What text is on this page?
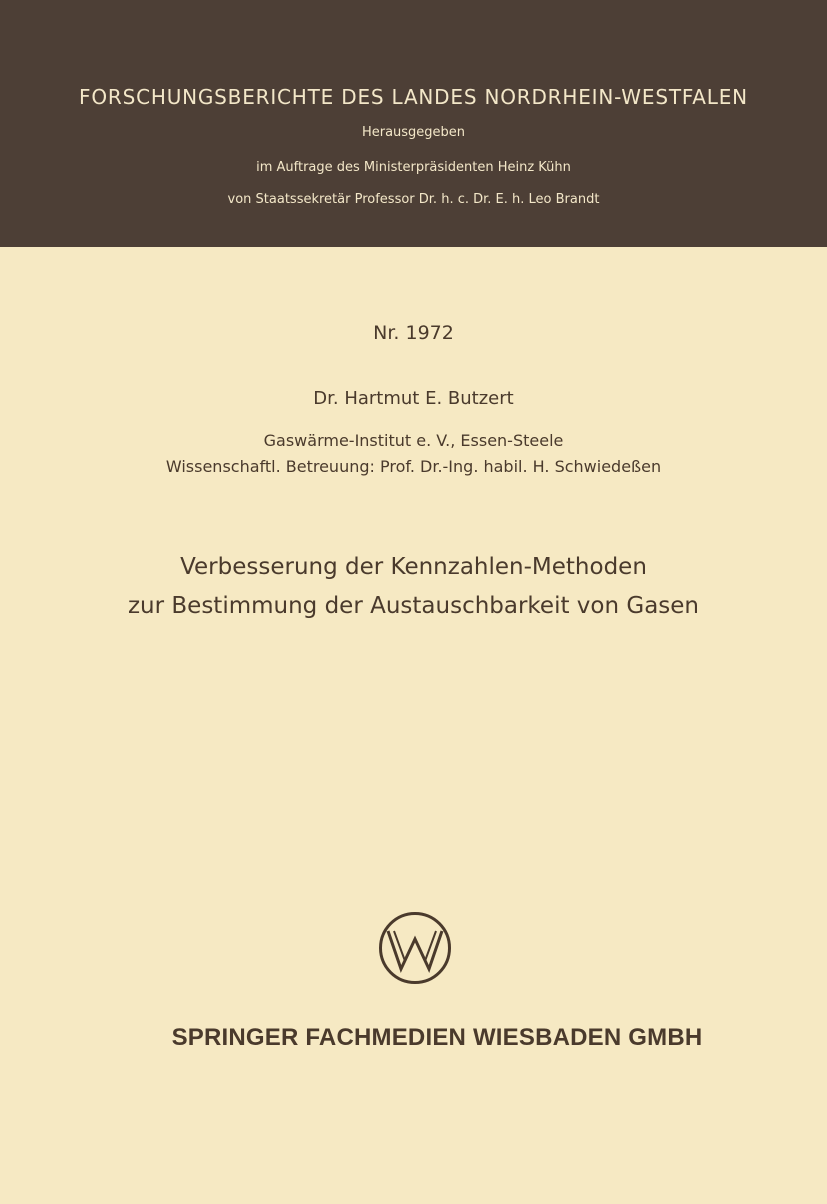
FORSCHUNGSBERICHTE DES LANDES NORDRHEIN-WESTFALEN
Herausgegeben
im Auftrage des Ministerpräsidenten Heinz Kühn
von Staatssekretär Professor Dr. h. c. Dr. E. h. Leo Brandt
Nr. 1972
Dr. Hartmut E. Butzert
Gaswärme-Institut e. V., Essen-Steele
Wissenschaftl. Betreuung: Prof. Dr.-Ing. habil. H. Schwiedeßen
Verbesserung der Kennzahlen-Methoden
zur Bestimmung der Austauschbarkeit von Gasen
SPRINGER FACHMEDIEN WIESBADEN GMBH
